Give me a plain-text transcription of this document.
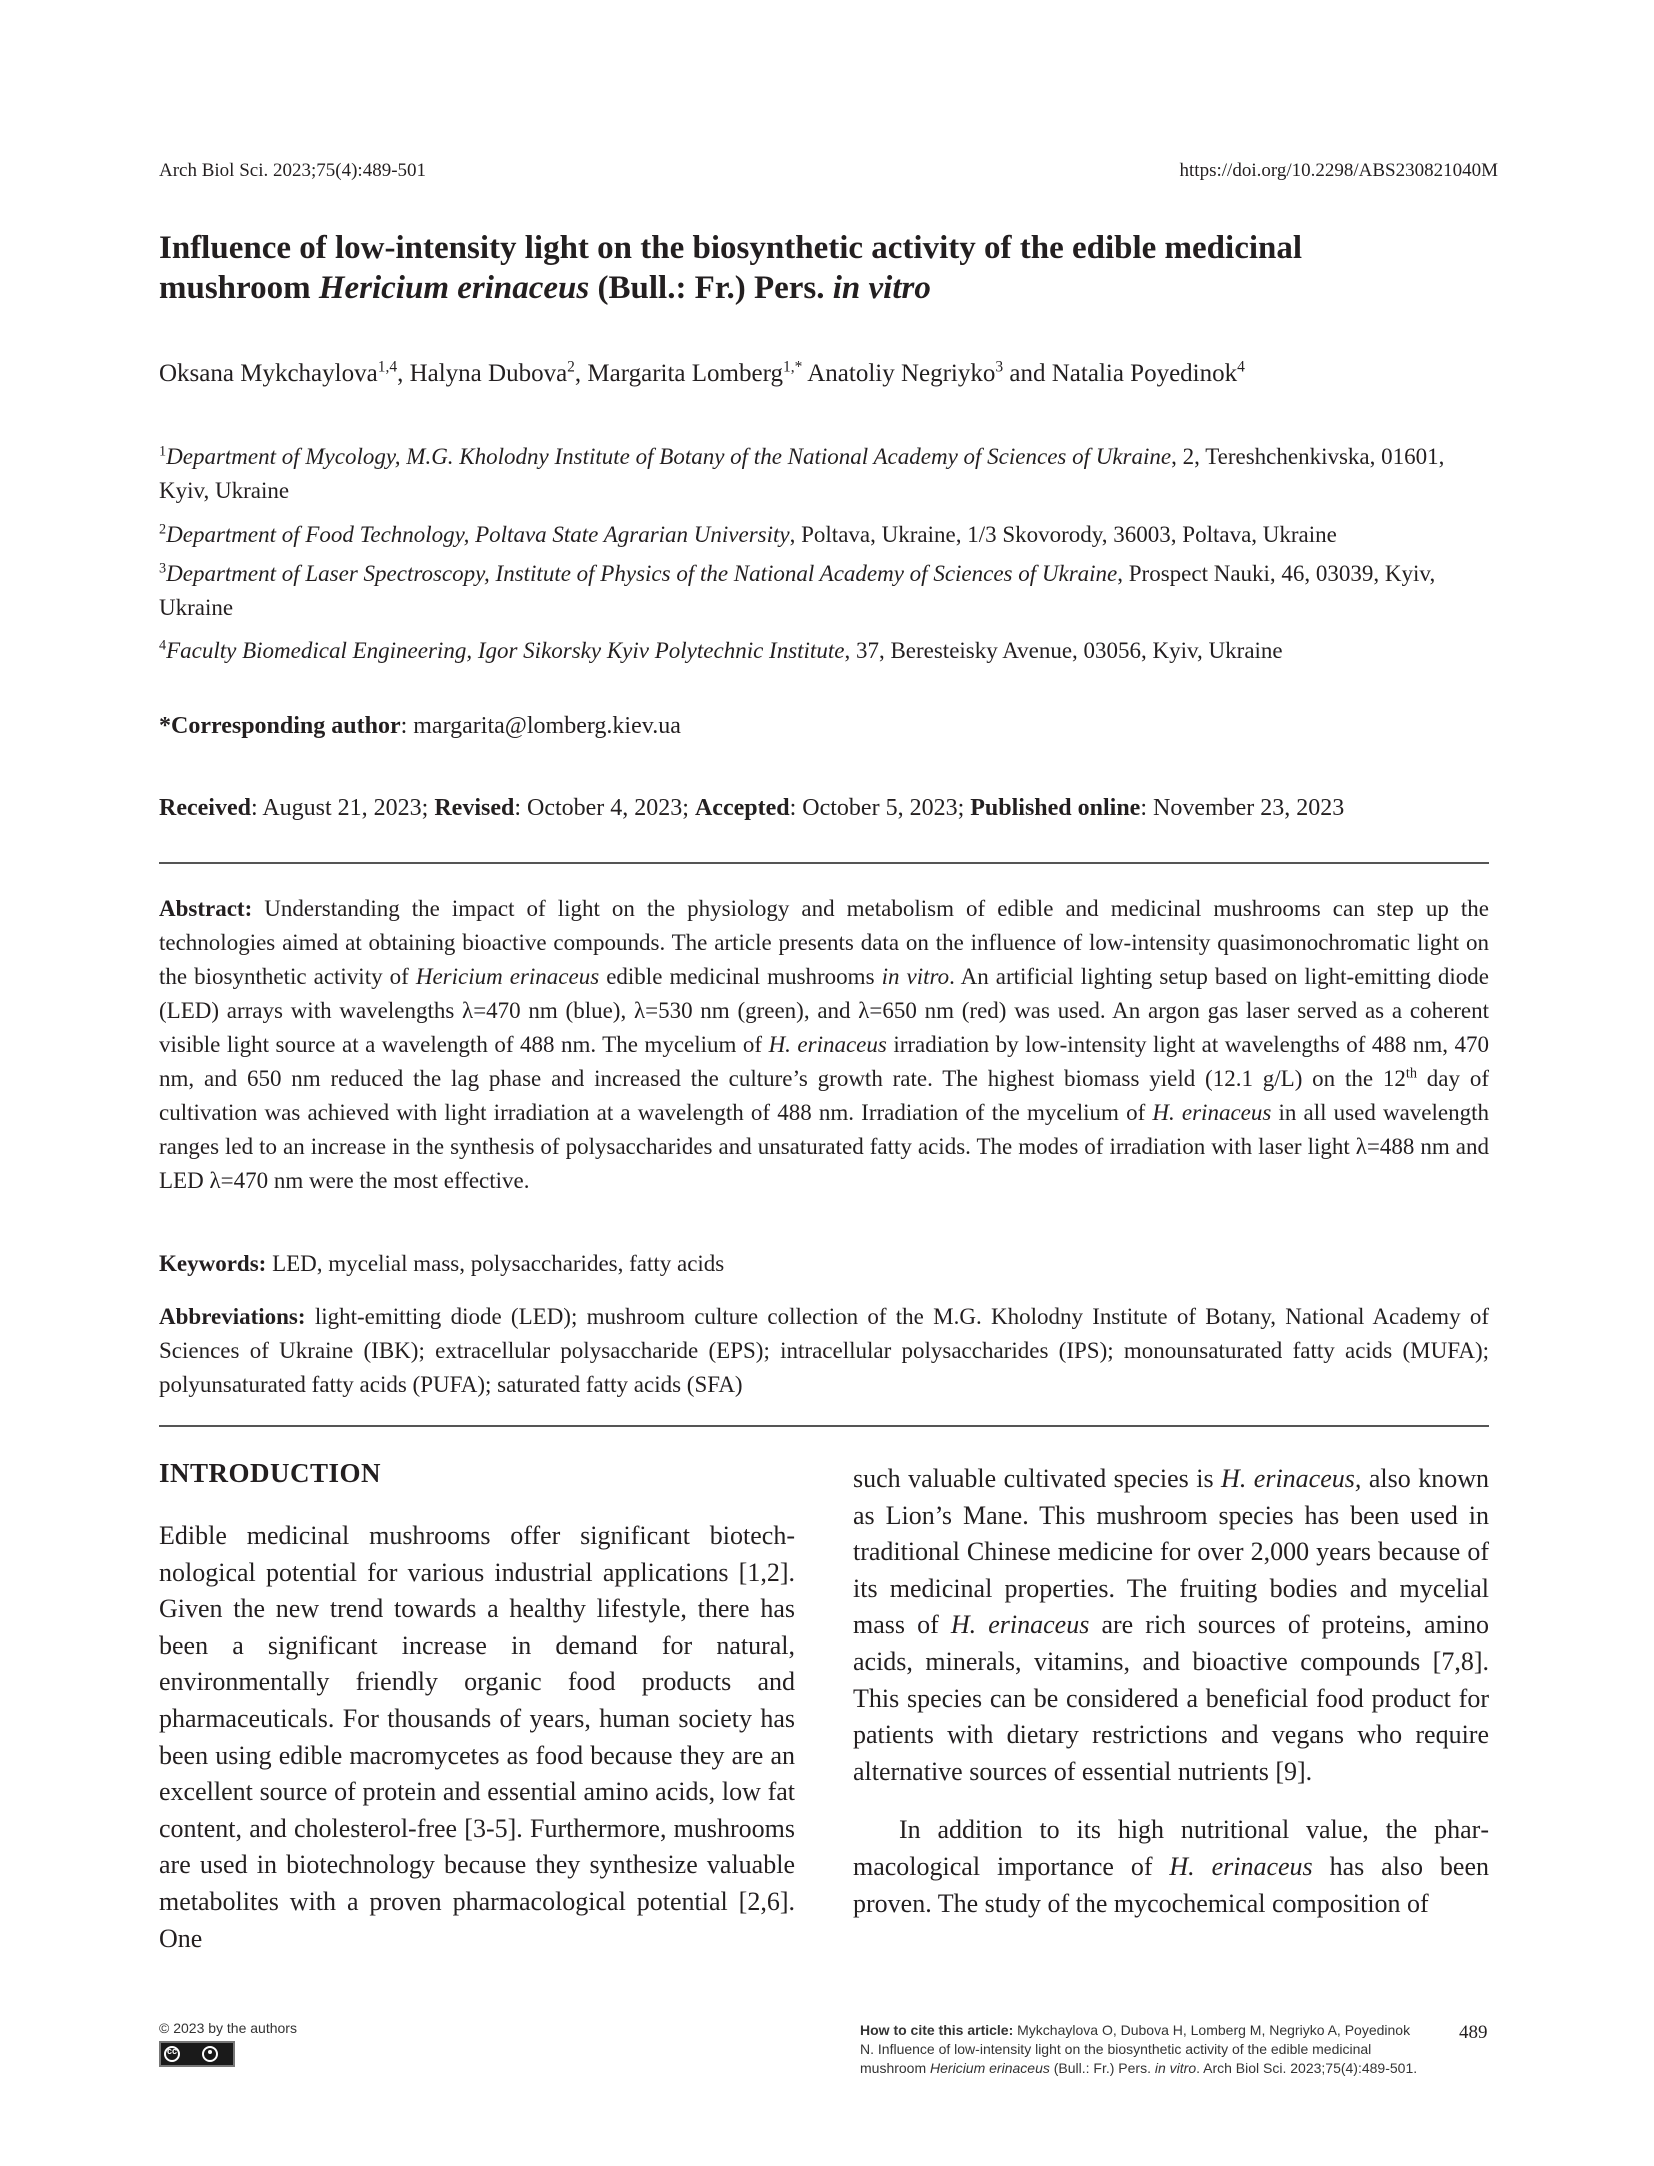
Arch Biol Sci. 2023;75(4):489-501	https://doi.org/10.2298/ABS230821040M
Influence of low-intensity light on the biosynthetic activity of the edible medicinal
mushroom Hericium erinaceus (Bull.: Fr.) Pers. in vitro
Oksana Mykchaylova$^{1,4}$, Halyna Dubova$^2$, Margarita Lomberg$^{1,*}$ Anatoliy Negriyko$^3$ and Natalia Poyedinok$^4$
$^1$Department of Mycology, M.G. Kholodny Institute of Botany of the National Academy of Sciences of Ukraine, 2, Tereshchenkivska, 01601, Kyiv, Ukraine
$^2$Department of Food Technology, Poltava State Agrarian University, Poltava, Ukraine, 1/3 Skovorody, 36003, Poltava, Ukraine
$^3$Department of Laser Spectroscopy, Institute of Physics of the National Academy of Sciences of Ukraine, Prospect Nauki, 46, 03039, Kyiv, Ukraine
$^4$Faculty Biomedical Engineering, Igor Sikorsky Kyiv Polytechnic Institute, 37, Beresteisky Avenue, 03056, Kyiv, Ukraine
*Corresponding author: margarita@lomberg.kiev.ua
Received: August 21, 2023; Revised: October 4, 2023; Accepted: October 5, 2023; Published online: November 23, 2023
Abstract: Understanding the impact of light on the physiology and metabolism of edible and medicinal mushrooms can step up the technologies aimed at obtaining bioactive compounds. The article presents data on the influence of low-intensity quasimonochromatic light on the biosynthetic activity of Hericium erinaceus edible medicinal mushrooms in vitro. An artificial lighting setup based on light-emitting diode (LED) arrays with wavelengths λ=470 nm (blue), λ=530 nm (green), and λ=650 nm (red) was used. An argon gas laser served as a coherent visible light source at a wavelength of 488 nm. The mycelium of H. erinaceus irradiation by low-intensity light at wavelengths of 488 nm, 470 nm, and 650 nm reduced the lag phase and increased the culture’s growth rate. The highest biomass yield (12.1 g/L) on the 12th day of cultivation was achieved with light irradiation at a wavelength of 488 nm. Irradiation of the mycelium of H. erinaceus in all used wavelength ranges led to an increase in the synthesis of polysaccharides and unsaturated fatty acids. The modes of irradiation with laser light λ=488 nm and LED λ=470 nm were the most effective.
Keywords: LED, mycelial mass, polysaccharides, fatty acids
Abbreviations: light-emitting diode (LED); mushroom culture collection of the M.G. Kholodny Institute of Botany, National Academy of Sciences of Ukraine (IBK); extracellular polysaccharide (EPS); intracellular polysaccharides (IPS); monounsaturated fatty acids (MUFA); polyunsaturated fatty acids (PUFA); saturated fatty acids (SFA)
INTRODUCTION

Edible medicinal mushrooms offer significant biotechnological potential for various industrial applications [1,2]. Given the new trend towards a healthy lifestyle, there has been a significant increase in demand for natural, environmentally friendly organic food products and pharmaceuticals. For thousands of years, human society has been using edible macromycetes as food because they are an excellent source of protein and essential amino acids, low fat content, and cholesterol-free [3-5]. Furthermore, mushrooms are used in biotechnology because they synthesize valuable metabolites with a proven pharmacological potential [2,6]. One

such valuable cultivated species is H. erinaceus, also known as Lion’s Mane. This mushroom species has been used in traditional Chinese medicine for over 2,000 years because of its medicinal properties. The fruiting bodies and mycelial mass of H. erinaceus are rich sources of proteins, amino acids, minerals, vitamins, and bioactive compounds [7,8]. This species can be considered a beneficial food product for patients with dietary restrictions and vegans who require alternative sources of essential nutrients [9].

In addition to its high nutritional value, the pharmacological importance of H. erinaceus has also been proven. The study of the mycochemical composition of

© 2023 by the authors
cc	How to cite this article: Mykchaylova O, Dubova H, Lomberg M, Negriyko A, Poyedinok N. Influence of low-intensity light on the biosynthetic activity of the edible medicinal mushroom Hericium erinaceus (Bull.: Fr.) Pers. in vitro. Arch Biol Sci. 2023;75(4):489-501.
489
